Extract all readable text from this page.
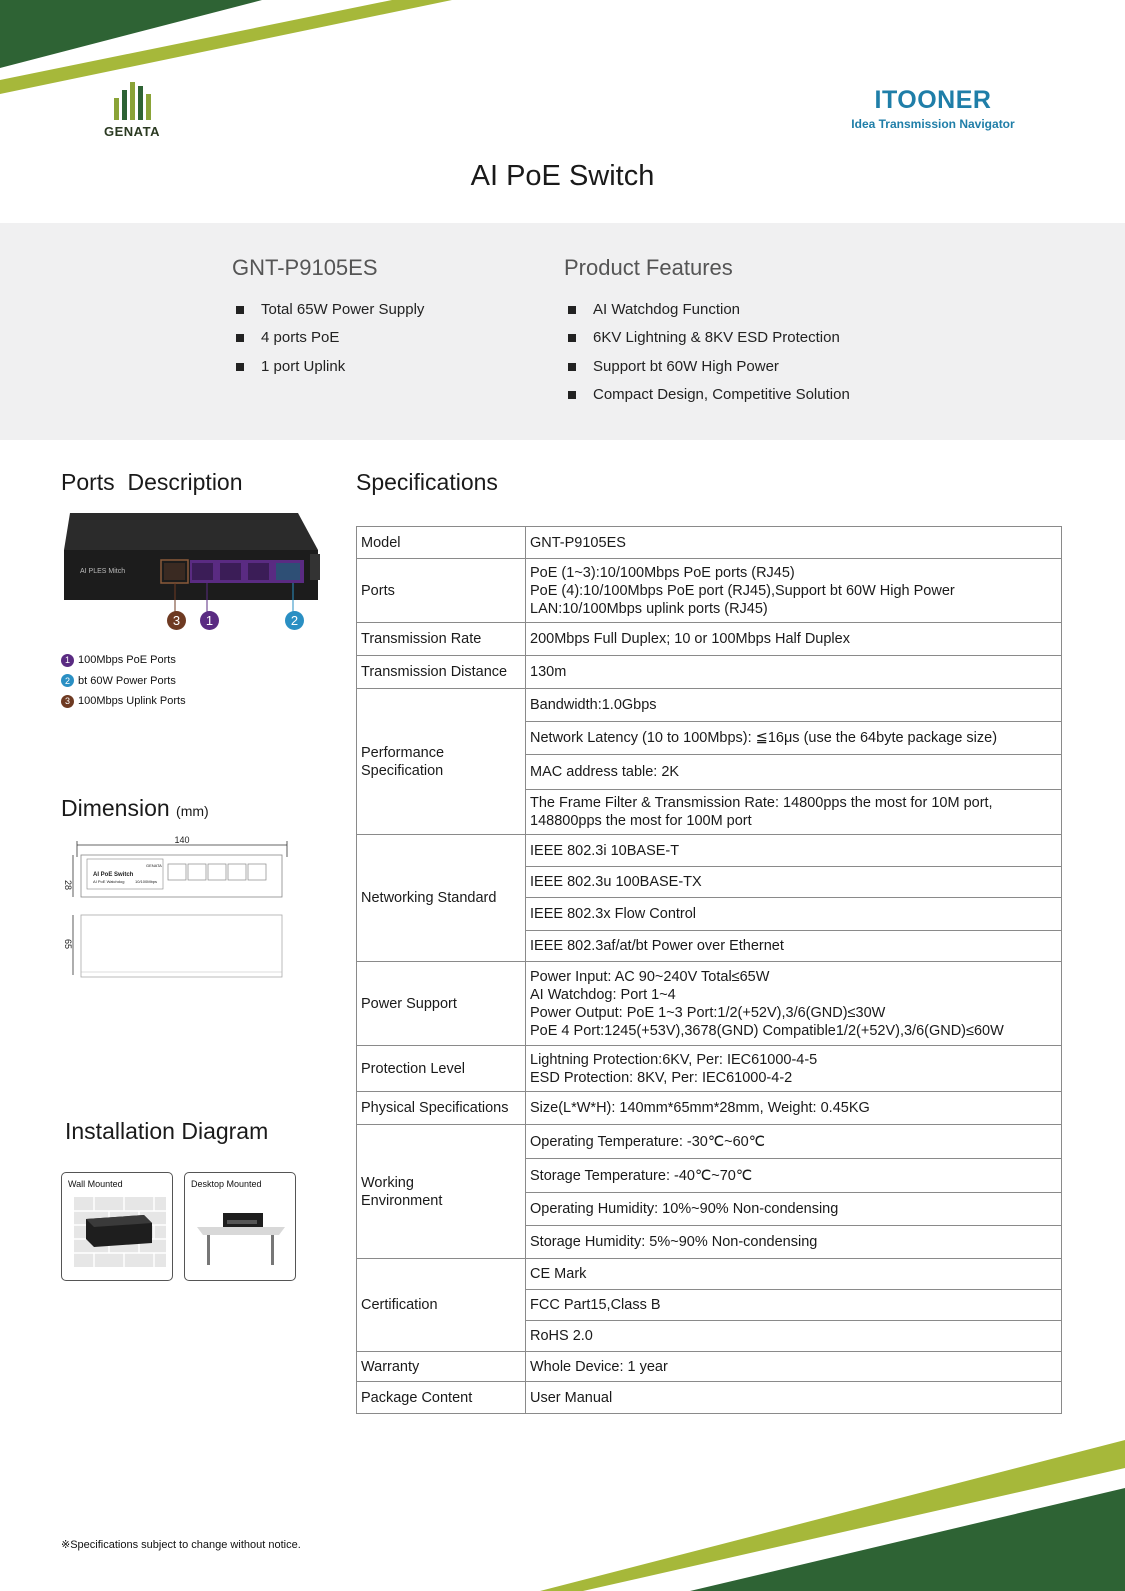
GENATA
ITOONER
Idea Transmission Navigator
AI PoE Switch
GNT-P9105ES
Total 65W Power Supply
4 ports PoE
1 port Uplink
Product Features
AI Watchdog Function
6KV Lightning & 8KV ESD Protection
Support bt 60W High Power
Compact Design, Competitive Solution
Ports  Description
AI PLES Mitch
3	1	2
1 100Mbps PoE Ports
2 bt 60W Power Ports
3 100Mbps Uplink Ports
Dimension (mm)
140
28
AI PoE Switch
AI PoE Watchdog	10/100Mbps
GENATA
65
Installation Diagram
Wall Mounted	Desktop Mounted
Specifications
Model	GNT-P9105ES
Ports	PoE (1~3):10/100Mbps PoE ports (RJ45)
PoE (4):10/100Mbps PoE port (RJ45),Support bt 60W High Power
LAN:10/100Mbps uplink ports (RJ45)
Transmission Rate	200Mbps Full Duplex; 10 or 100Mbps Half Duplex
Transmission Distance	130m
Performance
Specification	Bandwidth:1.0Gbps
	Network Latency (10 to 100Mbps): ≦16μs (use the 64byte package size)
	MAC address table: 2K
	The Frame Filter & Transmission Rate: 14800pps the most for 10M port,
148800pps the most for 100M port
Networking Standard	IEEE 802.3i 10BASE-T
	IEEE 802.3u 100BASE-TX
	IEEE 802.3x Flow Control
	IEEE 802.3af/at/bt Power over Ethernet
Power Support	Power Input: AC 90~240V Total≤65W
AI Watchdog: Port 1~4
Power Output: PoE 1~3 Port:1/2(+52V),3/6(GND)≤30W
PoE 4 Port:1245(+53V),3678(GND) Compatible1/2(+52V),3/6(GND)≤60W
Protection Level	Lightning Protection:6KV, Per: IEC61000-4-5
ESD Protection: 8KV, Per: IEC61000-4-2
Physical Specifications	Size(L*W*H): 140mm*65mm*28mm, Weight: 0.45KG
Working
Environment	Operating Temperature: -30℃~60℃
	Storage Temperature: -40℃~70℃
	Operating Humidity: 10%~90% Non-condensing
	Storage Humidity: 5%~90% Non-condensing
Certification	CE Mark
	FCC Part15,Class B
	RoHS 2.0
Warranty	Whole Device: 1 year
Package Content	User Manual
※Specifications subject to change without notice.
